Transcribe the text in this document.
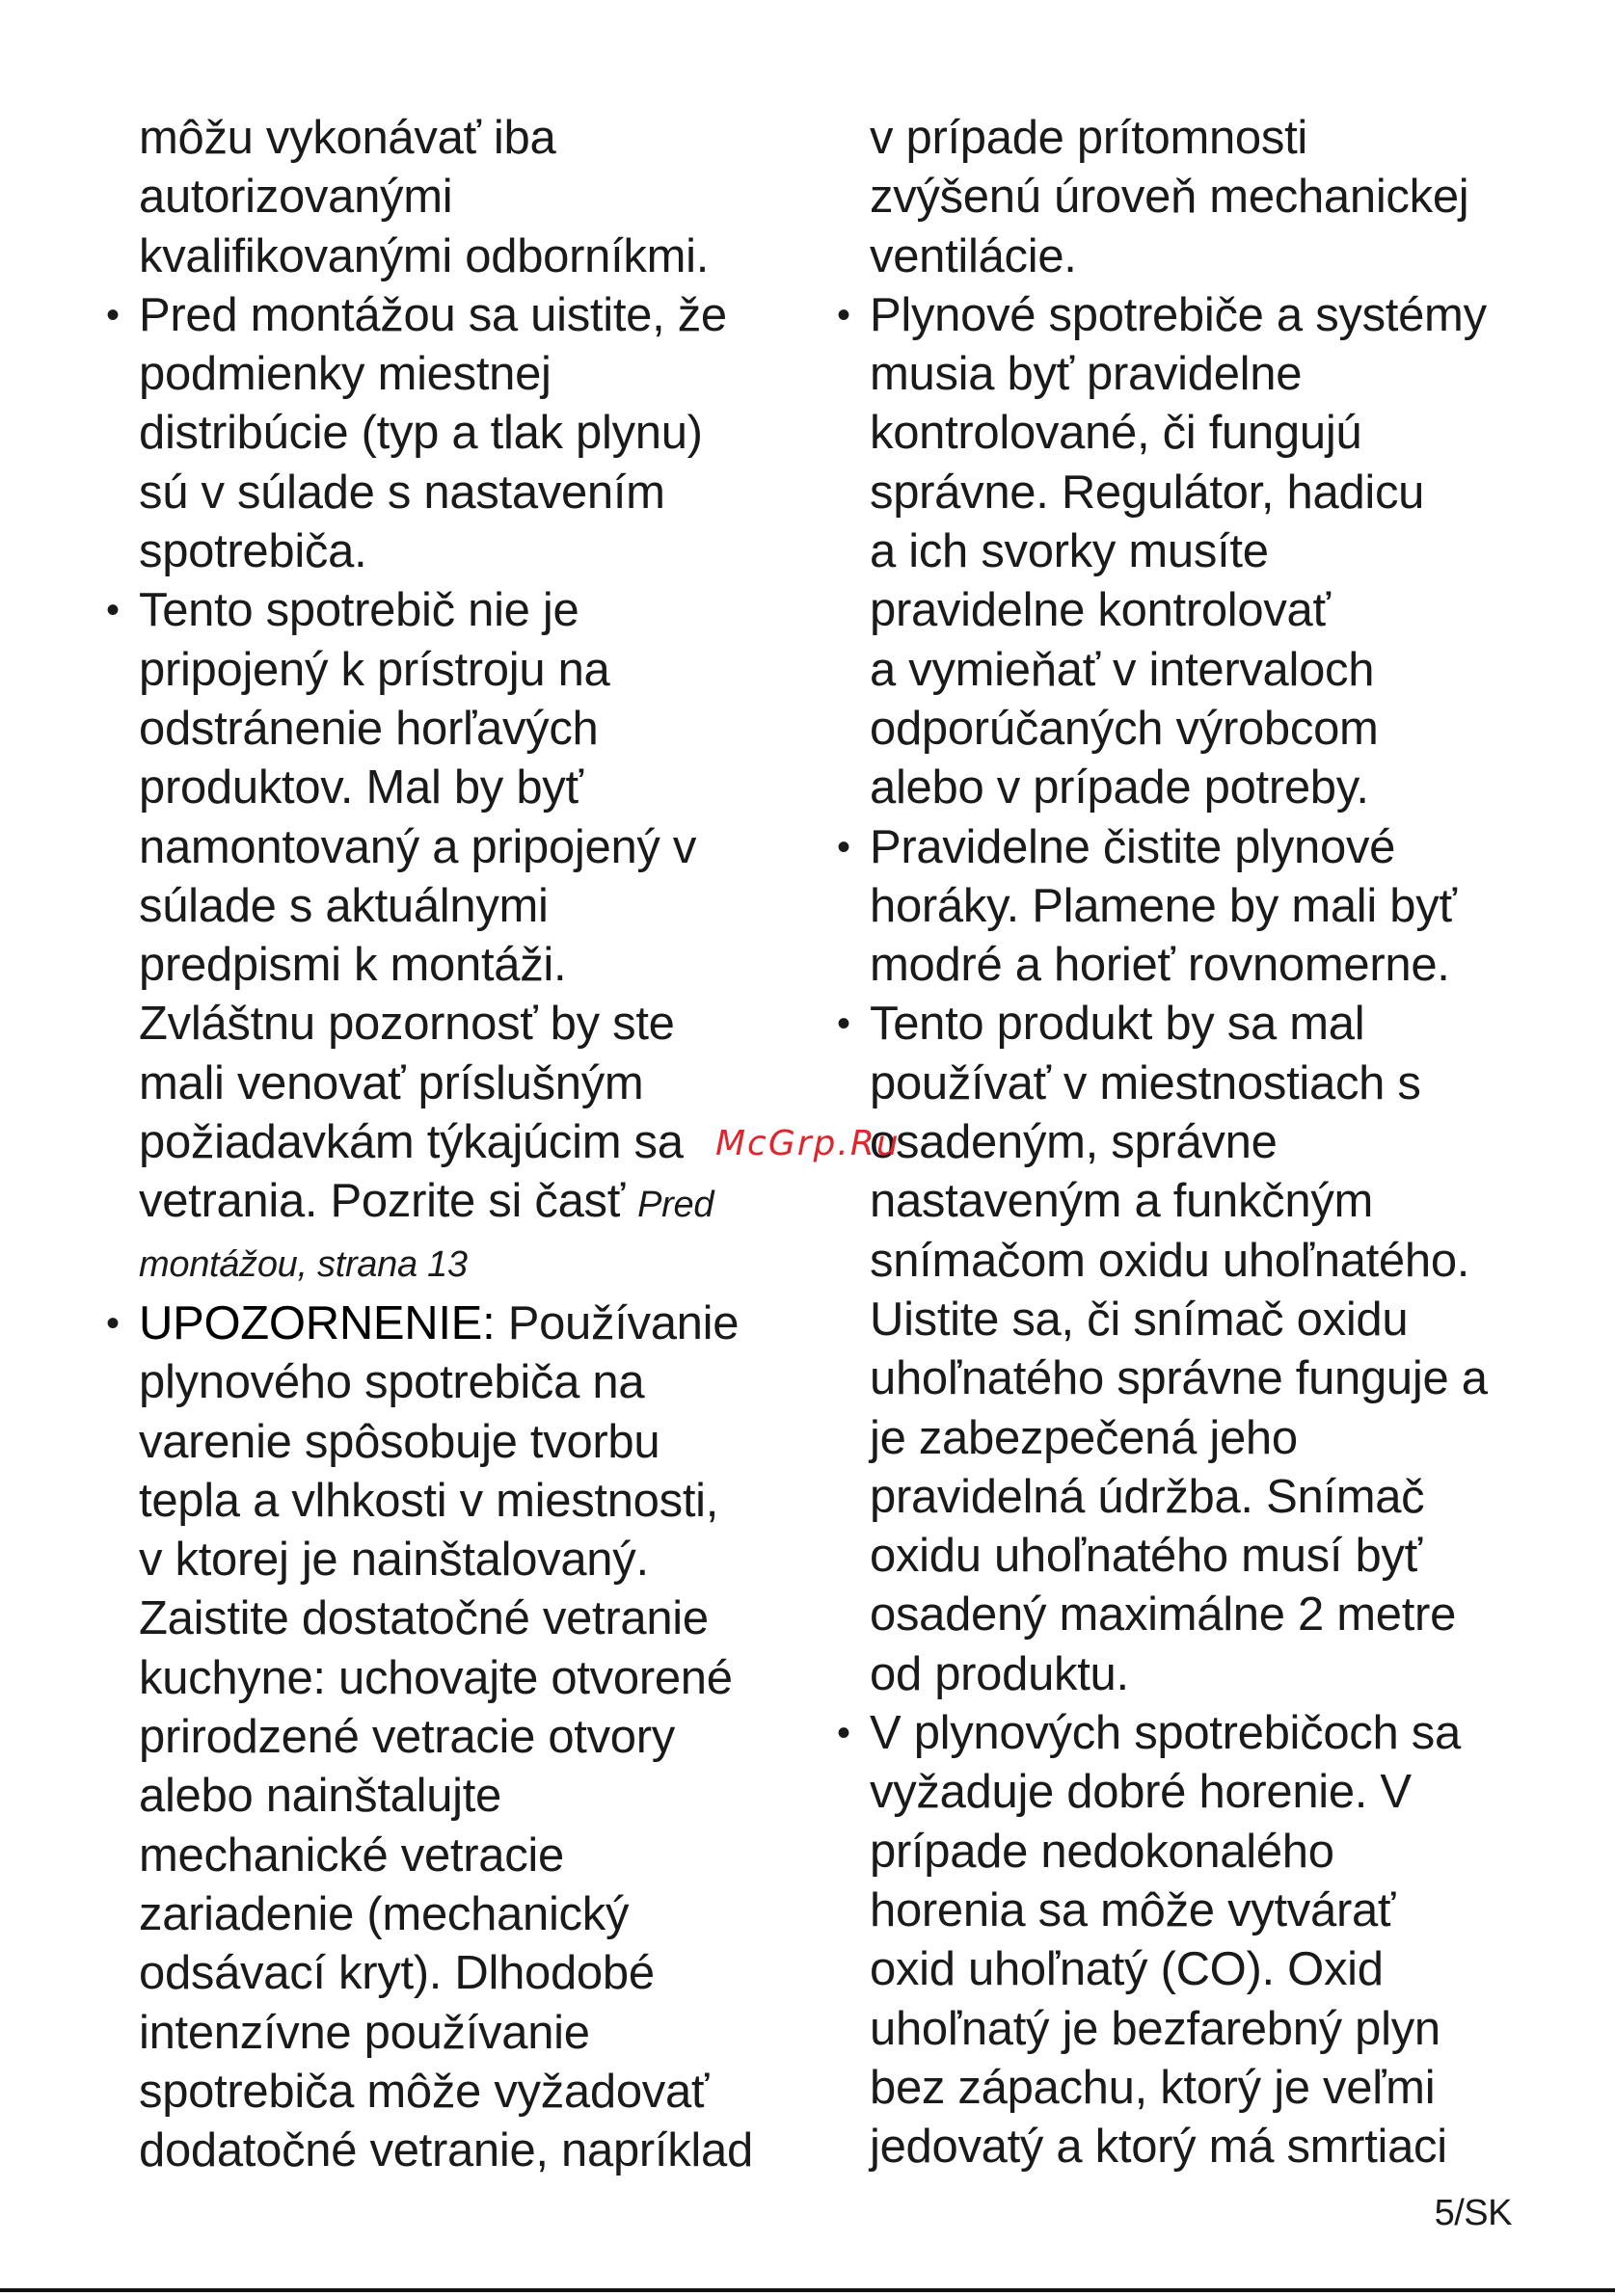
môžu vykonávať iba
autorizovanými
kvalifikovanými odborníkmi.
• Pred montážou sa uistite, že
podmienky miestnej
distribúcie (typ a tlak plynu)
sú v súlade s nastavením
spotrebiča.
• Tento spotrebič nie je
pripojený k prístroju na
odstránenie horľavých
produktov. Mal by byť
namontovaný a pripojený v
súlade s aktuálnymi
predpismi k montáži.
Zvláštnu pozornosť by ste
mali venovať príslušným
požiadavkám týkajúcim sa
vetrania. Pozrite si časť Pred
montážou, strana 13
• UPOZORNENIE: Používanie
plynového spotrebiča na
varenie spôsobuje tvorbu
tepla a vlhkosti v miestnosti,
v ktorej je nainštalovaný.
Zaistite dostatočné vetranie
kuchyne: uchovajte otvorené
prirodzené vetracie otvory
alebo nainštalujte
mechanické vetracie
zariadenie (mechanický
odsávací kryt). Dlhodobé
intenzívne používanie
spotrebiča môže vyžadovať
dodatočné vetranie, napríklad
v prípade prítomnosti
zvýšenú úroveň mechanickej
ventilácie.
• Plynové spotrebiče a systémy
musia byť pravidelne
kontrolované, či fungujú
správne. Regulátor, hadicu
a ich svorky musíte
pravidelne kontrolovať
a vymieňať v intervaloch
odporúčaných výrobcom
alebo v prípade potreby.
• Pravidelne čistite plynové
horáky. Plamene by mali byť
modré a horieť rovnomerne.
• Tento produkt by sa mal
používať v miestnostiach s
osadeným, správne
nastaveným a funkčným
snímačom oxidu uhoľnatého.
Uistite sa, či snímač oxidu
uhoľnatého správne funguje a
je zabezpečená jeho
pravidelná údržba. Snímač
oxidu uhoľnatého musí byť
osadený maximálne 2 metre
od produktu.
• V plynových spotrebičoch sa
vyžaduje dobré horenie. V
prípade nedokonalého
horenia sa môže vytvárať
oxid uhoľnatý (CO). Oxid
uhoľnatý je bezfarebný plyn
bez zápachu, ktorý je veľmi
jedovatý a ktorý má smrtiaci
McGrp.Ru
5/SK
